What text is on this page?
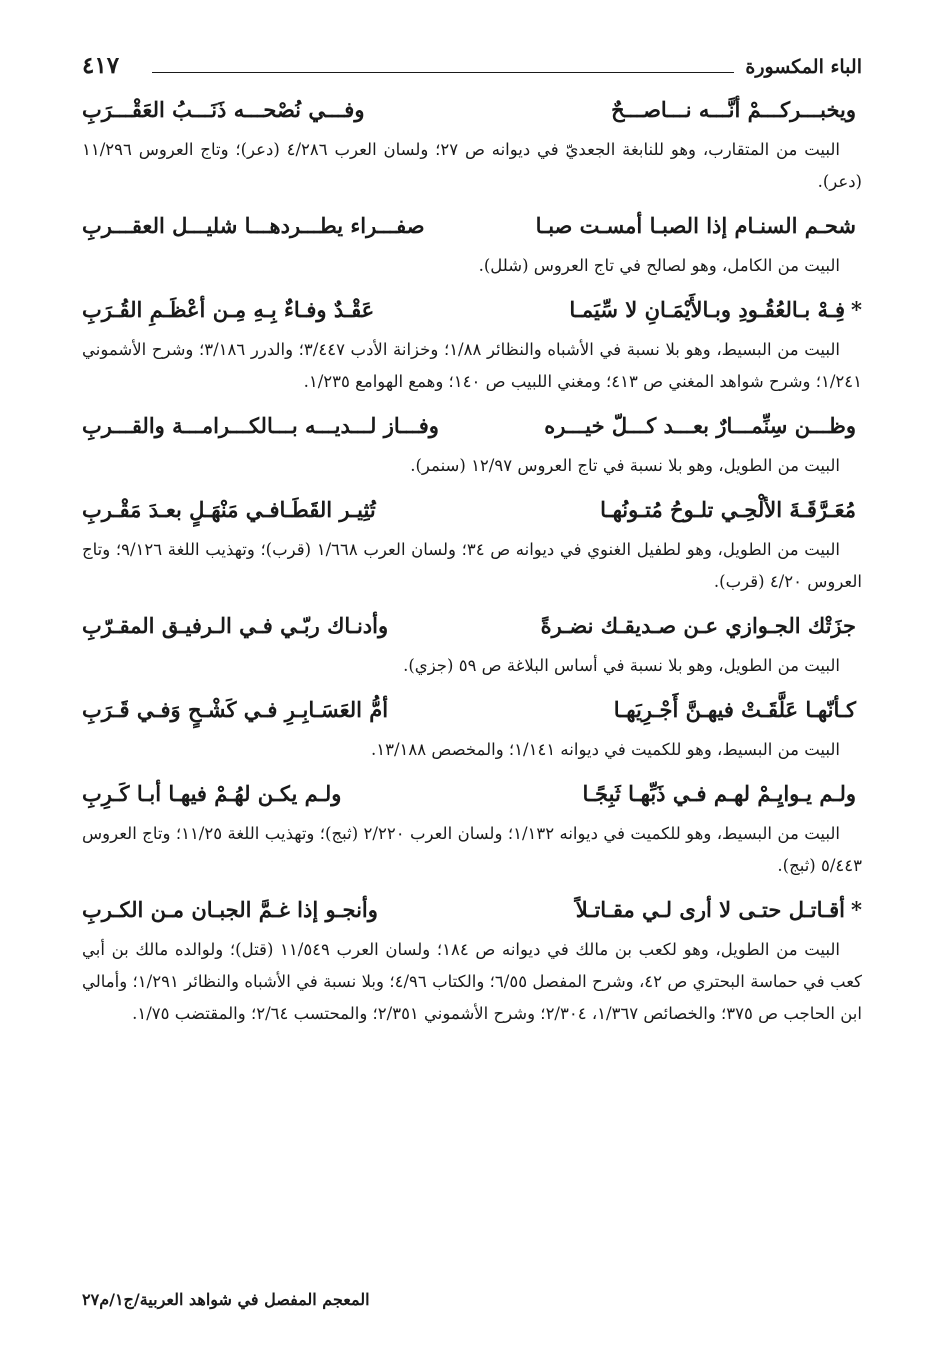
الباء المكسورة
٤١٧
ويخبـــركـــمْ أنَّـــه نـــاصـــحٌ
وفـــي نُصْحـــه ذَنَـــبُ العَقْـــرَبِ

البيت من المتقارب، وهو للنابغة الجعديّ في ديوانه ص ٢٧؛ ولسان العرب ٤/٢٨٦ (دعر)؛ وتاج العروس ١١/٢٩٦ (دعر).

شحـم السنـام إذا الصبـا أمسـت صبـا
صفـــراء يطـــردهـــا شليـــل العقـــربِ

البيت من الكامل، وهو لصالح في تاج العروس (شلل).

*فِـهْ بـالعُقُـودِ وبـالأَيْمَـانِ لا سِّيَمـا
عَقْـدٌ وفـاءٌ بِـهِ مِـن أعْظَـمِ القُـرَبِ

البيت من البسيط، وهو بلا نسبة في الأشباه والنظائر ١/٨٨؛ وخزانة الأدب ٣/٤٤٧؛ والدرر ٣/١٨٦؛ وشرح الأشموني ١/٢٤١؛ وشرح شواهد المغني ص ٤١٣؛ ومغني اللبيب ص ١٤٠؛ وهمع الهوامع ١/٢٣٥.

وظـــن سِنِّمـــارٌ بعـــد كـــلّ خيـــره
وفـــاز لـــديـــه بـــالكـــرامـــة والقـــربِ

البيت من الطويل، وهو بلا نسبة في تاج العروس ١٢/٩٧ (سنمر).

مُعَـرَّقَـةَ الألْحِـي تلـوحُ مُتـونُهـا
تُثِيـر القَطَـافـي مَنْهَـلٍ بعـدَ مَقْـربِ

البيت من الطويل، وهو لطفيل الغنوي في ديوانه ص ٣٤؛ ولسان العرب ١/٦٦٨ (قرب)؛ وتهذيب اللغة ٩/١٢٦؛ وتاج العروس ٤/٢٠ (قرب).

جزَتْك الجـوازي عـن صـديقـك نضـرةً
وأدنـاك ربّـي فـي الـرفيـق المقـرّبِ

البيت من الطويل، وهو بلا نسبة في أساس البلاغة ص ٥٩ (جزي).

كـأنّهـا عَلَّقَـتْ فيهـنَّ أَجْـرِيَهـا
أمُّ العَسَـابِـرِ فـي كَشْـحٍ وَفـي قَـرَبِ

البيت من البسيط، وهو للكميت في ديوانه ١/١٤١؛ والمخصص ١٣/١٨٨.

ولـم يـوايِـمْ لهـم فـي ذَبِّهـا ثَبِجًـا
ولـم يكـن لهُـمْ فيهـا أبـا كَـرِبِ

البيت من البسيط، وهو للكميت في ديوانه ١/١٣٢؛ ولسان العرب ٢/٢٢٠ (ثبج)؛ وتهذيب اللغة ١١/٢٥؛ وتاج العروس ٥/٤٤٣ (ثبج).

*أقـاتـل حتـى لا أرى لـي مقـاتـلاً
وأنجـو إذا غـمَّ الجبـان مـن الكـربِ

البيت من الطويل، وهو لكعب بن مالك في ديوانه ص ١٨٤؛ ولسان العرب ١١/٥٤٩ (قتل)؛ ولوالده مالك بن أبي كعب في حماسة البحتري ص ٤٢، وشرح المفصل ٦/٥٥؛ والكتاب ٤/٩٦؛ وبلا نسبة في الأشباه والنظائر ١/٢٩١؛ وأمالي ابن الحاجب ص ٣٧٥؛ والخصائص ١/٣٦٧، ٢/٣٠٤؛ وشرح الأشموني ٢/٣٥١؛ والمحتسب ٢/٦٤؛ والمقتضب ١/٧٥.

المعجم المفصل في شواهد العربية/ج١/م٢٧
